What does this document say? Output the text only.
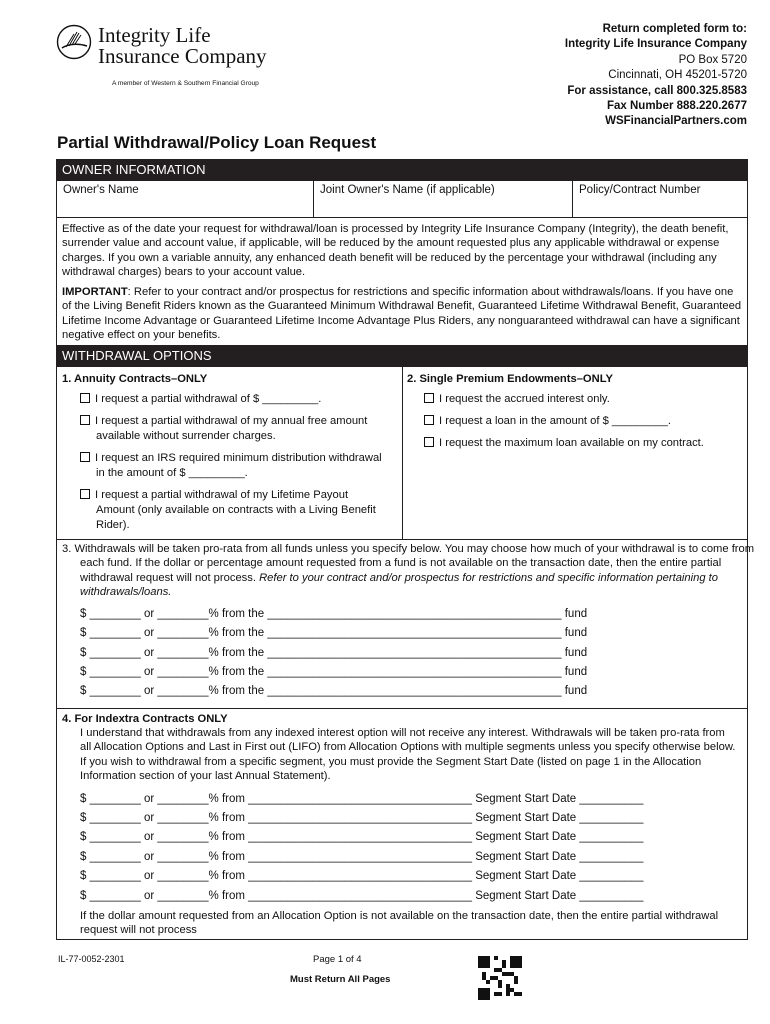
Integrity Life
Insurance Company
A member of Western & Southern Financial Group
Return completed form to:
Integrity Life Insurance Company
PO Box 5720
Cincinnati, OH 45201-5720
For assistance, call 800.325.8583
Fax Number 888.220.2677
WSFinancialPartners.com
Partial Withdrawal/Policy Loan Request
OWNER INFORMATION
Owner's Name	Joint Owner's Name (if applicable)	Policy/Contract Number
Effective as of the date your request for withdrawal/loan is processed by Integrity Life Insurance Company (Integrity), the death benefit, surrender value and account value, if applicable, will be reduced by the amount requested plus any applicable withdrawal or expense charges. If you own a variable annuity, any enhanced death benefit will be reduced by the percentage your withdrawal (including any withdrawal charges) bears to your account value.
IMPORTANT: Refer to your contract and/or prospectus for restrictions and specific information about withdrawals/loans. If you have one of the Living Benefit Riders known as the Guaranteed Minimum Withdrawal Benefit, Guaranteed Lifetime Withdrawal Benefit, Guaranteed Lifetime Income Advantage or Guaranteed Lifetime Income Advantage Plus Riders, any nonguaranteed withdrawal can have a significant negative effect on your benefits.
WITHDRAWAL OPTIONS
1. Annuity Contracts–ONLY
I request a partial withdrawal of $ _________.
I request a partial withdrawal of my annual free amount available without surrender charges.
I request an IRS required minimum distribution withdrawal in the amount of $ _________.
I request a partial withdrawal of my Lifetime Payout Amount (only available on contracts with a Living Benefit Rider).
2. Single Premium Endowments–ONLY
I request the accrued interest only.
I request a loan in the amount of $ _________.
I request the maximum loan available on my contract.
3. Withdrawals will be taken pro-rata from all funds unless you specify below. You may choose how much of your withdrawal is to come from each fund. If the dollar or percentage amount requested from a fund is not available on the transaction date, then the entire partial withdrawal request will not process. Refer to your contract and/or prospectus for restrictions and specific information pertaining to withdrawals/loans.
$ ________ or ________% from the ______________________________________________ fund
$ ________ or ________% from the ______________________________________________ fund
$ ________ or ________% from the ______________________________________________ fund
$ ________ or ________% from the ______________________________________________ fund
$ ________ or ________% from the ______________________________________________ fund
4. For Indextra Contracts ONLY
I understand that withdrawals from any indexed interest option will not receive any interest. Withdrawals will be taken pro-rata from all Allocation Options and Last in First out (LIFO) from Allocation Options with multiple segments unless you specify otherwise below. If you wish to withdrawal from a specific segment, you must provide the Segment Start Date (listed on page 1 in the Allocation Information section of your last Annual Statement).
$ ________ or ________% from ___________________________________ Segment Start Date __________
$ ________ or ________% from ___________________________________ Segment Start Date __________
$ ________ or ________% from ___________________________________ Segment Start Date __________
$ ________ or ________% from ___________________________________ Segment Start Date __________
$ ________ or ________% from ___________________________________ Segment Start Date __________
$ ________ or ________% from ___________________________________ Segment Start Date __________
If the dollar amount requested from an Allocation Option is not available on the transaction date, then the entire partial withdrawal request will not process
IL-77-0052-2301	Page 1 of 4
Must Return All Pages
